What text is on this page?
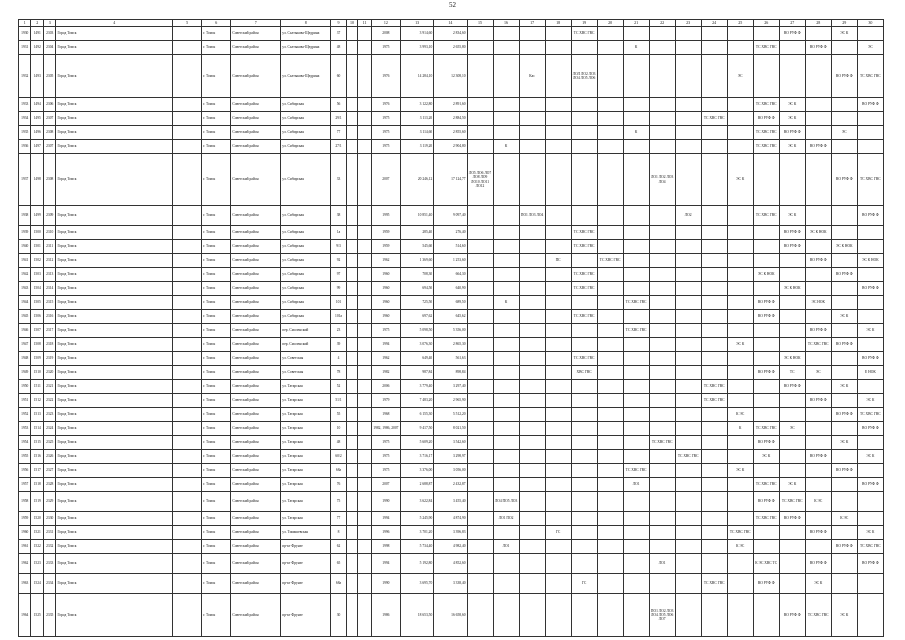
52
1	2	3	4	5	6	7	8	9	10	11	12	13	14	15	16	17	18	19	20	21	22	23	24	25	26	27	28	29	30
1930	1491	2303	Город Томск		г. Томск	Советский район	ул. Салтыкова-Щедрина	37			2008	3 914,60	2 834,60					ТС ХВС ГВС								ВО РУФ Ф		ЭС К	
1931	1492	2304	Город Томск		г. Томск	Советский район	ул. Салтыкова-Щедрина	48			1975	3 993,10	2 655,80							К					ТС ХВС ГВС		ВО РУФ Ф		ЭС
1932	1493	2305	Город Томск		г. Томск	Советский район	ул. Салтыкова-Щедрина	60			1976	14 284,10	12 308,10			Кас		ЛОЛ ЛО2 ЛО3 ЛО4 ЛО5 ЛО6						ЭС				ВО РУФ Ф	ТС ХВС ГВС
1933	1494	2306	Город Томск		г. Томск	Советский район	ул. Сибирская	56			1976	3 122,80	2 891,60												ТС ХВС ГВС	ЭС К			ВО РУФ Ф
1934	1495	2307	Город Томск		г. Томск	Советский район	ул. Сибирская	29/1			1975	3 113,20	2 884,50										ТС ХВС ГВС		ВО РУФ Ф	ЭС К			
1935	1496	2308	Город Томск		г. Томск	Советский район	ул. Сибирская	77			1975	3 114,60	2 855,60							К					ТС ХВС ГВС	ВО РУФ Ф		ЭС	
1936	1497	2307	Город Томск		г. Томск	Советский район	ул. Сибирская	27/1			1975	3 119,20	2 904,80		К										ТС ХВС ГВС	ЭС К	ВО РУФ Ф		
1937	1498	2308	Город Томск		г. Томск	Советский район	ул. Сибирская	33			2007	20 246,12	17 124,77	ЛО5 ЛО6 ЛО7 ЛО8 ЛО9 ЛО10 ЛО11 ЛО12							ЛО1 ЛО2 ЛО3 ЛО4			ЭС К				ВО РУФ Ф	ТС ХВС ГВС
1938	1499	2309	Город Томск		г. Томск	Советский район	ул. Сибирская	38			1995	10 851,40	9 097,40			ПО1 ЛО3 ЛО4						ЛО2			ТС ХВС ГВС	ЭС К			ВО РУФ Ф
1939	1500	2310	Город Томск		г. Томск	Советский район	ул. Сибирская	1а			1959	285,40	276,40					ТС ХВС ГВС								ВО РУФ Ф	ЭС К НОК		
1940	1501	2311	Город Томск		г. Томск	Советский район	ул. Сибирская	9/3			1959	545,60	514,60					ТС ХВС ГВС								ВО РУФ Ф		ЭС К НОК	
1941	1502	2312	Город Томск		г. Томск	Советский район	ул. Сибирская	92			1962	1 369,60	1 253,60				ПС		ТС ХВС ГВС								ВО РУФ Ф		ЭС К НОК
1942	1503	2313	Город Томск		г. Томск	Советский район	ул. Сибирская	97			1960	708,30	664,30					ТС ХВС ГВС							ЭС К НОК			ВО РУФ Ф	
1943	1504	2314	Город Томск		г. Томск	Советский район	ул. Сибирская	99			1960	694,50	640,90					ТС ХВС ГВС								ЭС К НОК			ВО РУФ Ф
1944	1505	2315	Город Томск		г. Томск	Советский район	ул. Сибирская	101			1960	725,50	689,50		К					ТС ХВС ГВС					ВО РУФ Ф		ЭС НОК		
1945	1506	2316	Город Томск		г. Томск	Советский район	ул. Сибирская	101а			1960	697,62	645,62					ТС ХВС ГВС							ВО РУФ Ф			ЭС К	
1946	1507	2317	Город Томск		г. Томск	Советский район	пер. Смоленский	23			1975	5 098,50	5 356,00							ТС ХВС ГВС							ВО РУФ Ф		ЭС К
1947	1508	2318	Город Томск		г. Томск	Советский район	пер. Смоленский	39			1994	3 076,30	2 865,30											ЭС К			ТС ХВС ГВС	ВО РУФ Ф	
1948	1509	2319	Город Томск		г. Томск	Советский район	ул. Советская	4			1962	649,40	561,63					ТС ХВС ГВС								ЭС К НОК			ВО РУФ Ф
1949	1510	2320	Город Томск		г. Томск	Советский район	ул. Советская	78			1982	987,84	898,84					ХВС ГВС							ВО РУФ Ф	ТС	ЭС		Е НОК
1950	1511	2321	Город Томск		г. Томск	Советский район	ул. Татарская	52			2006	3 779,40	3 297,40										ТС ХВС ГВС			ВО РУФ Ф		ЭС К	
1951	1512	2322	Город Томск		г. Томск	Советский район	ул. Татарская	51/1			1979	7 483,20	2 965,90										ТС ХВС ГВС				ВО РУФ Ф		ЭС К
1952	1513	2323	Город Томск		г. Томск	Советский район	ул. Татарская	55			1968	6 155,30	5 512,20											К ЭС				ВО РУФ Ф	ТС ХВС ГВС
1953	1514	2324	Город Томск		г. Томск	Советский район	ул. Татарская	10			1982, 1986, 2007	9 417,50	8 021,50											К	ТС ХВС ГВС	ЭС			ВО РУФ Ф
1954	1515	2325	Город Томск		г. Томск	Советский район	ул. Татарская	48			1975	5 609,20	3 542,60								ТС ХВС ГВС				ВО РУФ Ф			ЭС К	
1955	1516	2326	Город Томск		г. Томск	Советский район	ул. Татарская	60/2			1975	3 716,17	3 298,97									ТС ХВС ГВС			ЭС К		ВО РУФ Ф		ЭС К
1956	1517	2327	Город Томск		г. Томск	Советский район	ул. Татарская	68а			1975	3 376,00	3 056,00							ТС ХВС ГВС				ЭС К				ВО РУФ Ф	
1957	1518	2328	Город Томск		г. Томск	Советский район	ул. Татарская	76			2007	2 688,87	2 432,87							ЛО1					ТС ХВС ГВС	ЭС К			ВО РУФ Ф
1958	1519	2329	Город Томск		г. Томск	Советский район	ул. Татарская	75			1990	3 622,84	3 455,40		ЛО4 ПО5 ЛО3										ВО РУФ Ф	ТС ХВС ГВС	К ЭС		
1959	1520	2330	Город Томск		г. Томск	Советский район	ул. Татарская	77			1994	5 245,90	4 874,90		ЛО1 ПО2										ТС ХВС ГВС	ВО РУФ Ф		К ЭС	
1960	1521	2331	Город Томск		г. Томск	Советский район	ул. Тимашевская	8			1996	3 701,20	3 396,83				ГС							ТС ХВС ГВС			ВО РУФ Ф		ЭС К
1961	1522	2332	Город Томск		г. Томск	Советский район	пр-кт Фрунзе	62			1998	5 734,40	4 982,40		ЛО1									К ЭС				ВО РУФ Ф	ТС ХВС ГВС
1962	1523	2333	Город Томск		г. Томск	Советский район	пр-кт Фрунзе	65			1994	5 192,80	4 852,60								ЛО1				К ЭС ХВС ТС		ВО РУФ Ф		ВО РУФ Ф
1963	1524	2334	Город Томск		г. Томск	Советский район	пр-кт Фрунзе	68а			1990	3 695,70	3 338,40					ГС					ТС ХВС ГВС		ВО РУФ Ф		ЭС К		
1964	1525	2335	Город Томск		г. Томск	Советский район	пр-кт Фрунзе	30			1986	18 653,50	16 658,60								ПО1 ЛО2 ЛО3 ЛО4 ЛО5 ЛО6 ЛО7					ВО РУФ Ф	ТС ХВС ГВС	ЭС К	
